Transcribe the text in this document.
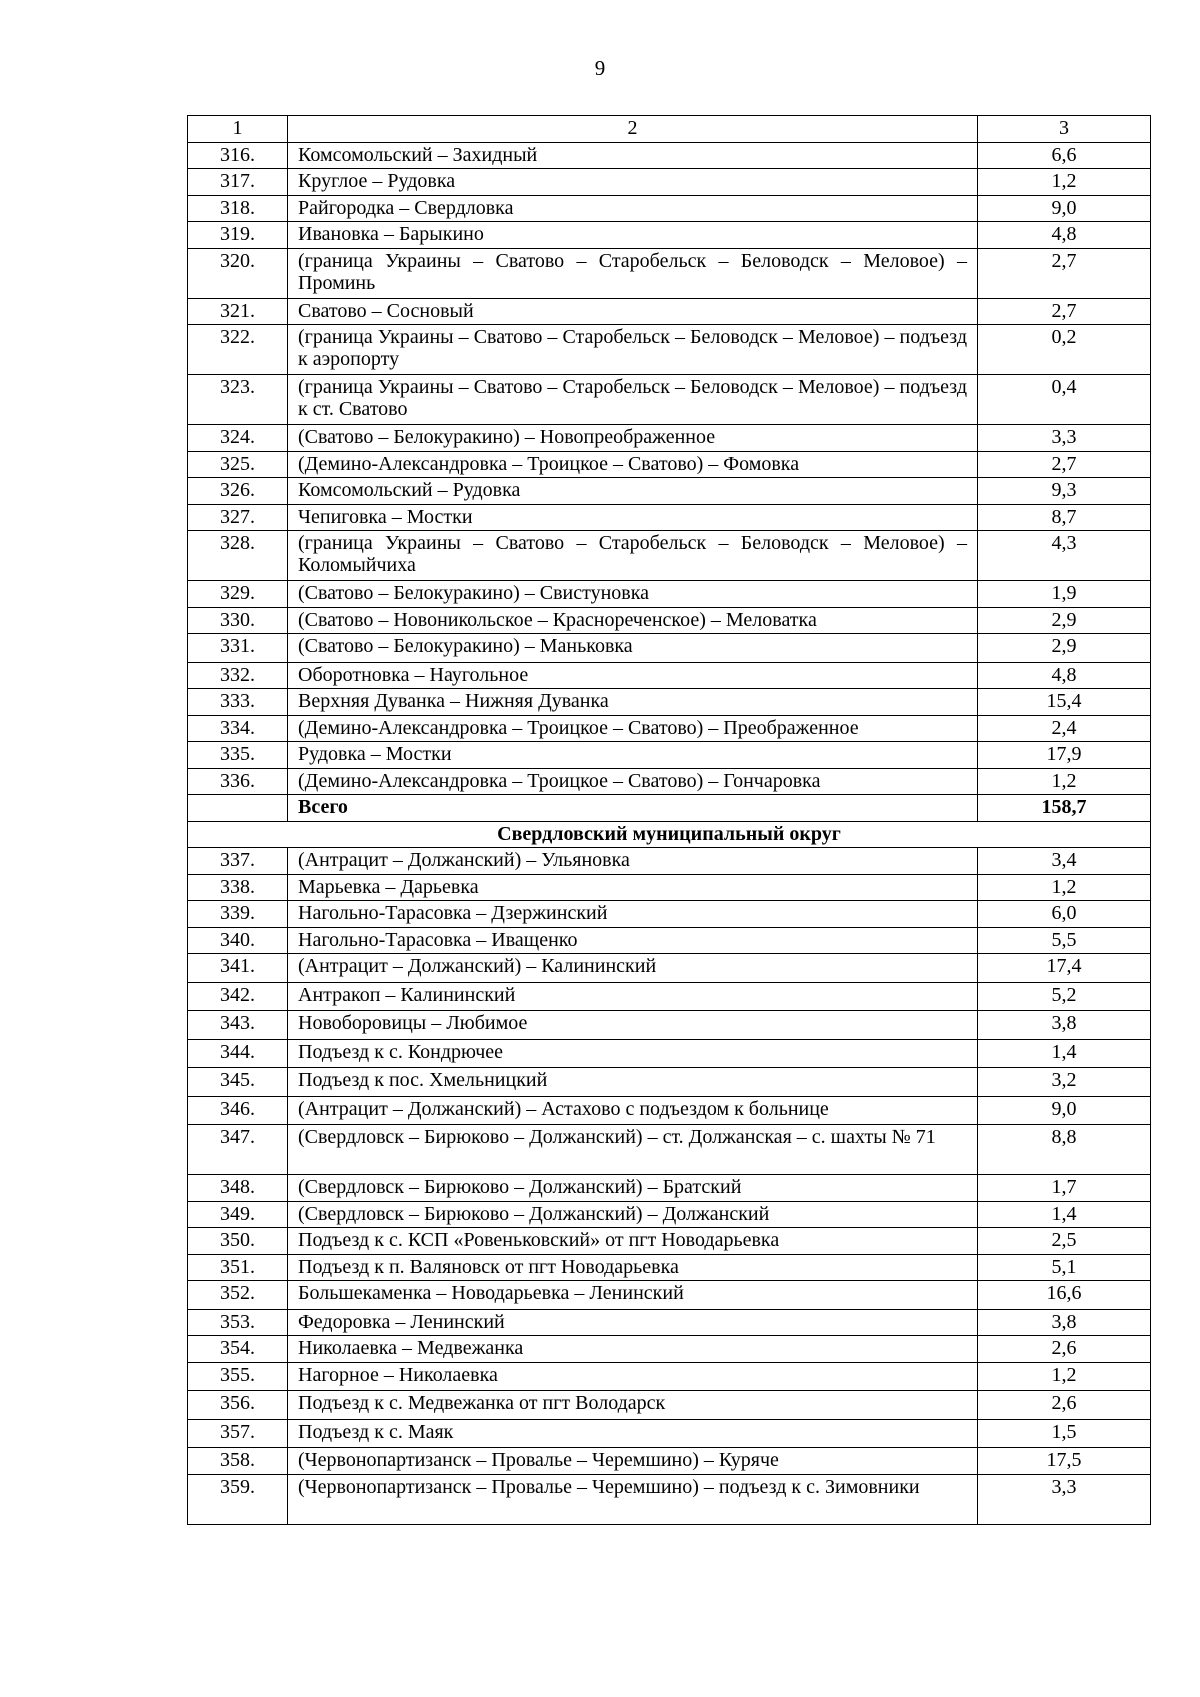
9
1	2	3
316.	Комсомольский – Захидный	6,6
317.	Круглое – Рудовка	1,2
318.	Райгородка – Свердловка	9,0
319.	Ивановка – Барыкино	4,8
320.	(граница Украины – Сватово – Старобельск – Беловодск – Меловое) – Проминь	2,7
321.	Сватово – Сосновый	2,7
322.	(граница Украины – Сватово – Старобельск – Беловодск – Меловое) – подъезд к аэропорту	0,2
323.	(граница Украины – Сватово – Старобельск – Беловодск – Меловое) – подъезд к ст. Сватово	0,4
324.	(Сватово – Белокуракино) – Новопреображенное	3,3
325.	(Демино-Александровка – Троицкое – Сватово) – Фомовка	2,7
326.	Комсомольский – Рудовка	9,3
327.	Чепиговка – Мостки	8,7
328.	(граница Украины – Сватово – Старобельск – Беловодск – Меловое) – Коломыйчиха	4,3
329.	(Сватово – Белокуракино) – Свистуновка	1,9
330.	(Сватово – Новоникольское – Краснореченское) – Меловатка	2,9
331.	(Сватово – Белокуракино) – Маньковка	2,9
332.	Оборотновка – Наугольное	4,8
333.	Верхняя Дуванка – Нижняя Дуванка	15,4
334.	(Демино-Александровка – Троицкое – Сватово) – Преображенное	2,4
335.	Рудовка – Мостки	17,9
336.	(Демино-Александровка – Троицкое – Сватово) – Гончаровка	1,2
	Всего	158,7
Свердловский муниципальный округ		
337.	(Антрацит – Должанский) – Ульяновка	3,4
338.	Марьевка – Дарьевка	1,2
339.	Нагольно-Тарасовка – Дзержинский	6,0
340.	Нагольно-Тарасовка – Иващенко	5,5
341.	(Антрацит – Должанский) – Калининский	17,4
342.	Антракоп – Калининский	5,2
343.	Новоборовицы – Любимое	3,8
344.	Подъезд к с. Кондрючее	1,4
345.	Подъезд к пос. Хмельницкий	3,2
346.	(Антрацит – Должанский) – Астахово с подъездом к больнице	9,0
347.	(Свердловск – Бирюково – Должанский) – ст. Должанская – с. шахты № 71	8,8
348.	(Свердловск – Бирюково – Должанский) – Братский	1,7
349.	(Свердловск – Бирюково – Должанский) – Должанский	1,4
350.	Подъезд к с. КСП «Ровеньковский» от пгт Новодарьевка	2,5
351.	Подъезд к п. Валяновск от пгт Новодарьевка	5,1
352.	Большекаменка – Новодарьевка – Ленинский	16,6
353.	Федоровка – Ленинский	3,8
354.	Николаевка – Медвежанка	2,6
355.	Нагорное – Николаевка	1,2
356.	Подъезд к с. Медвежанка от пгт Володарск	2,6
357.	Подъезд к с. Маяк	1,5
358.	(Червонопартизанск – Провалье – Черемшино) – Куряче	17,5
359.	(Червонопартизанск – Провалье – Черемшино) – подъезд к с. Зимовники	3,3
